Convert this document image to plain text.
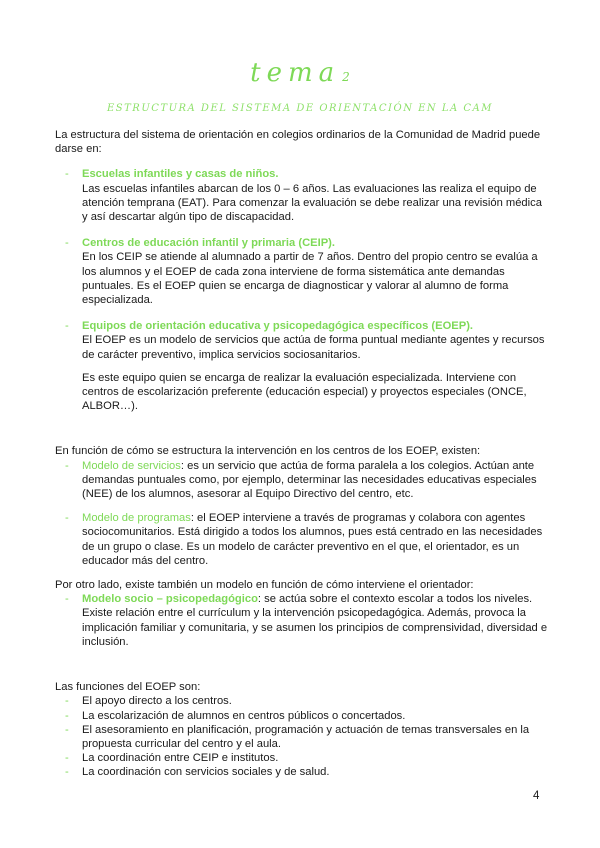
tema 2
ESTRUCTURA DEL SISTEMA DE ORIENTACIÓN EN LA CAM

La estructura del sistema de orientación en colegios ordinarios de la Comunidad de Madrid puede darse en:

- Escuelas infantiles y casas de niños.

Las escuelas infantiles abarcan de los 0 – 6 años. Las evaluaciones las realiza el equipo de atención temprana (EAT). Para comenzar la evaluación se debe realizar una revisión médica y así descartar algún tipo de discapacidad.

- Centros de educación infantil y primaria (CEIP).

En los CEIP se atiende al alumnado a partir de 7 años. Dentro del propio centro se evalúa a los alumnos y el EOEP de cada zona interviene de forma sistemática ante demandas puntuales. Es el EOEP quien se encarga de diagnosticar y valorar al alumno de forma especializada.

- Equipos de orientación educativa y psicopedagógica específicos (EOEP).

El EOEP es un modelo de servicios que actúa de forma puntual mediante agentes y recursos de carácter preventivo, implica servicios sociosanitarios.

Es este equipo quien se encarga de realizar la evaluación especializada. Interviene con centros de escolarización preferente (educación especial) y proyectos especiales (ONCE, ALBOR…).

En función de cómo se estructura la intervención en los centros de los EOEP, existen:

- Modelo de servicios: es un servicio que actúa de forma paralela a los colegios. Actúan ante demandas puntuales como, por ejemplo, determinar las necesidades educativas especiales (NEE) de los alumnos, asesorar al Equipo Directivo del centro, etc.

- Modelo de programas: el EOEP interviene a través de programas y colabora con agentes sociocomunitarios. Está dirigido a todos los alumnos, pues está centrado en las necesidades de un grupo o clase. Es un modelo de carácter preventivo en el que, el orientador, es un educador más del centro.

Por otro lado, existe también un modelo en función de cómo interviene el orientador:

- Modelo socio – psicopedagógico: se actúa sobre el contexto escolar a todos los niveles. Existe relación entre el currículum y la intervención psicopedagógica. Además, provoca la implicación familiar y comunitaria, y se asumen los principios de comprensividad, diversidad e inclusión.

Las funciones del EOEP son:

- El apoyo directo a los centros.

- La escolarización de alumnos en centros públicos o concertados.

- El asesoramiento en planificación, programación y actuación de temas transversales en la propuesta curricular del centro y el aula.

- La coordinación entre CEIP e institutos.

- La coordinación con servicios sociales y de salud.

4
